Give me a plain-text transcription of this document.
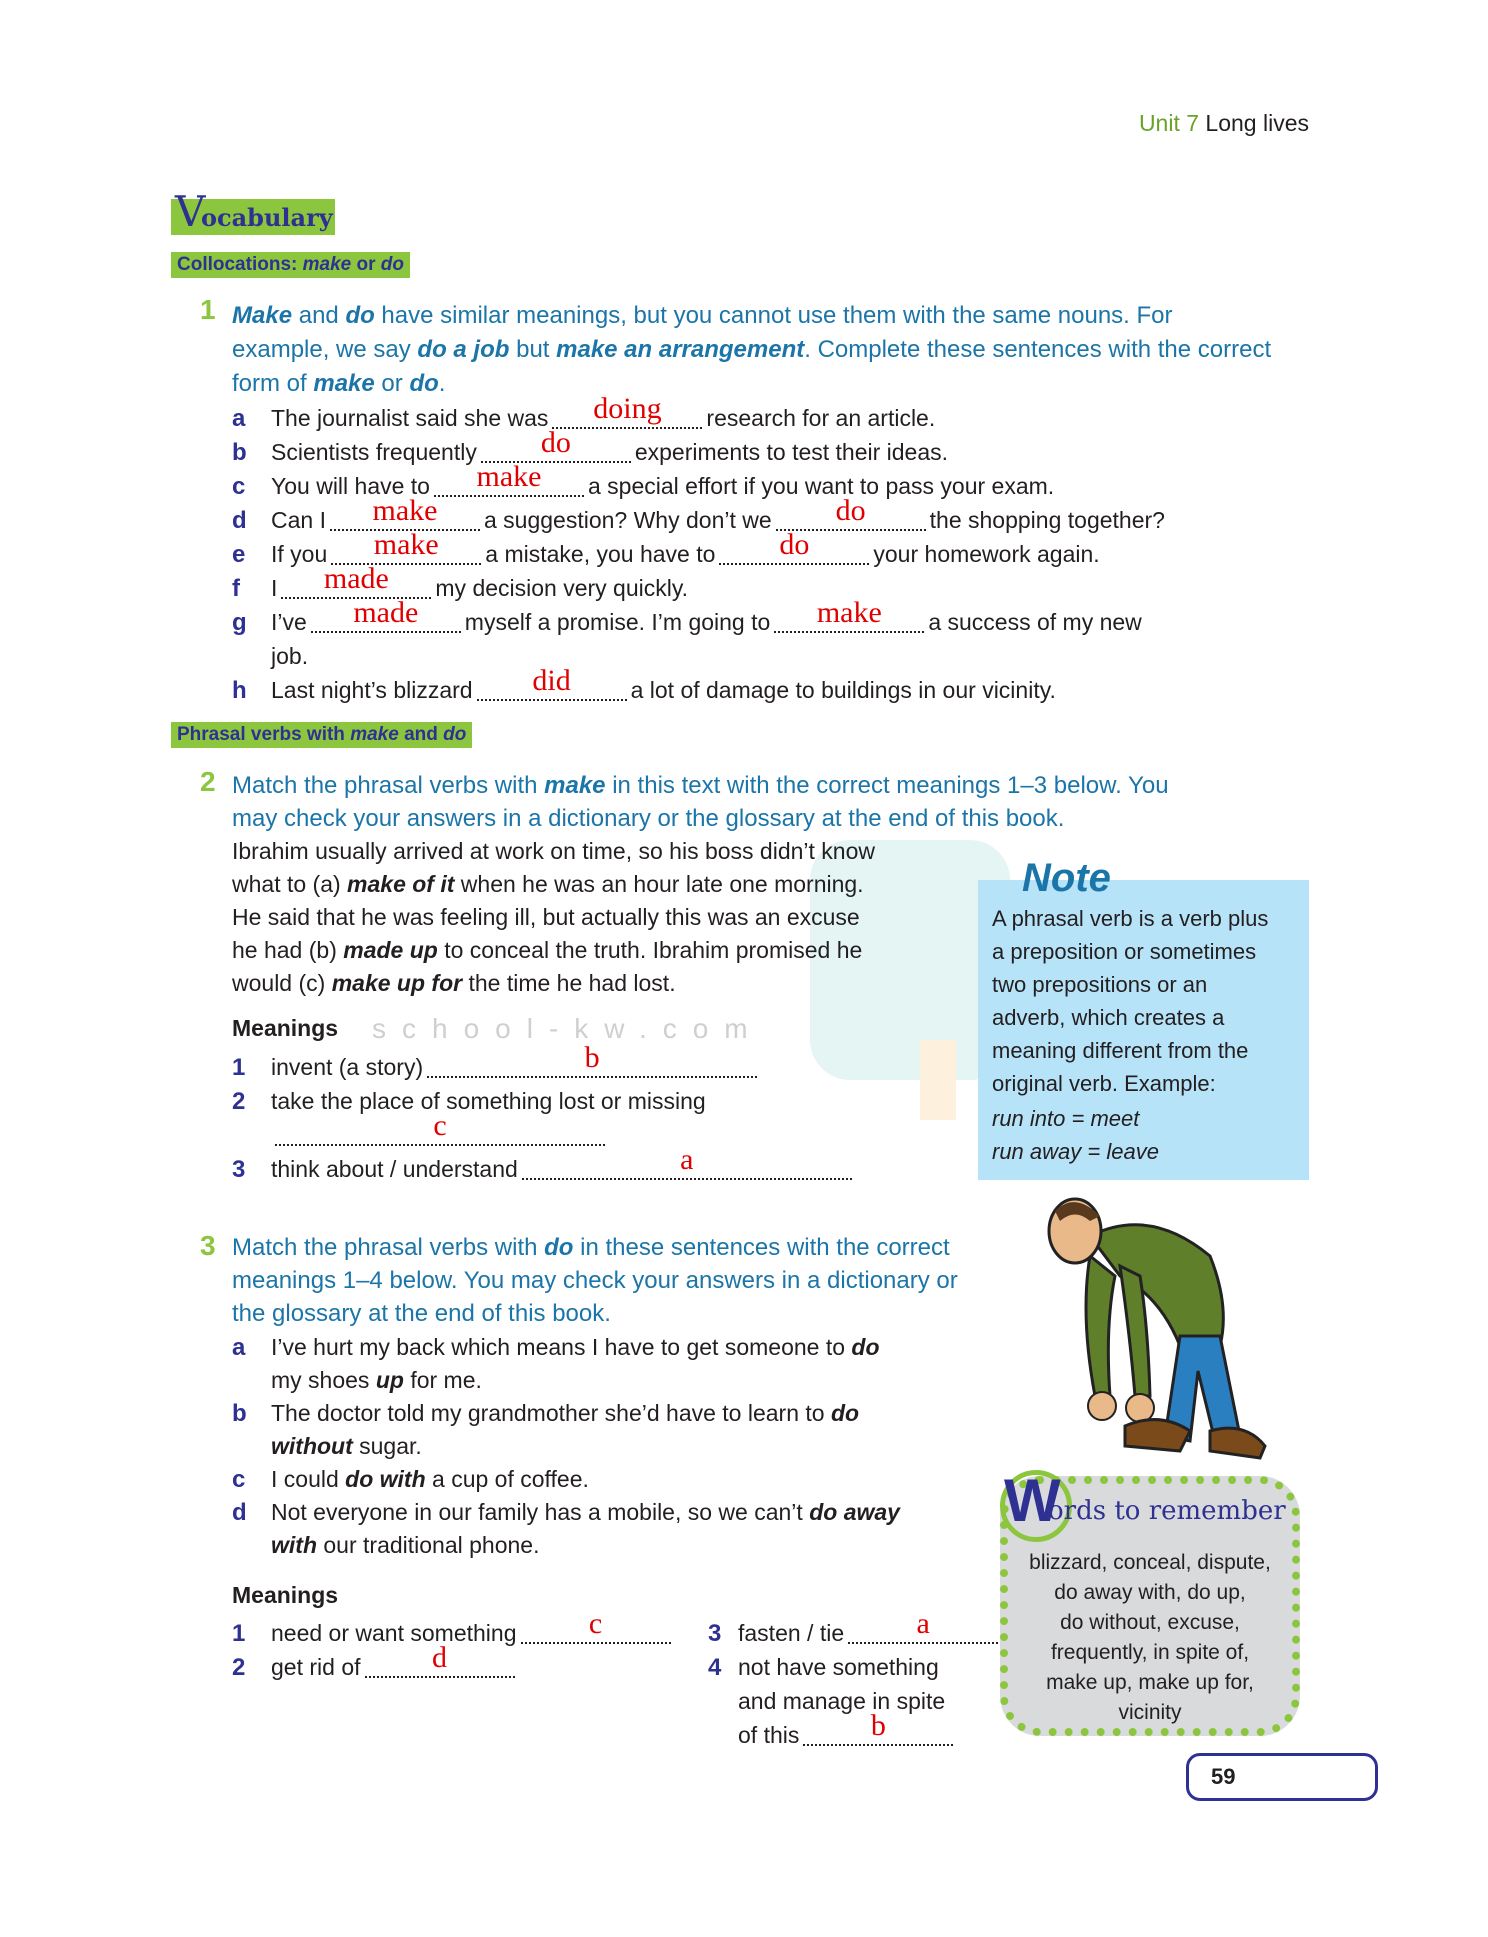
Unit 7 Long lives
school-kw.com
V
ocabulary
Collocations: make or do
Phrasal verbs with make and do
1
2
3
Make and do have similar meanings, but you cannot use them with the same nouns. For
example, we say do a job but make an arrangement. Complete these sentences with the correct
form of make or do.
a The journalist said she was doing research for an article.
b Scientists frequently do	experiments to test their ideas.
c You will have to make a special effort if you want to pass your exam.
d Can I make a suggestion? Why don’t we do	the shopping together?
e If you make a mistake, you have to do	your homework again.
f I made my decision very quickly.
g I’ve made myself a promise. I’m going to make a success of my new
job.
h Last night’s blizzard did	a lot of damage to buildings in our vicinity.
Match the phrasal verbs with make in this text with the correct meanings 1–3 below. You
may check your answers in a dictionary or the glossary at the end of this book.
Ibrahim usually arrived at work on time, so his boss didn’t know
what to (a) make of it when he was an hour late one morning.
He said that he was feeling ill, but actually this was an excuse
he had (b) made up to conceal the truth. Ibrahim promised he
would (c) make up for the time he had lost.
Meanings
1 invent (a story)	b
2 take the place of something lost or missing
c
3 think about / understand	a
Match the phrasal verbs with do in these sentences with the correct
meanings 1–4 below. You may check your answers in a dictionary or
the glossary at the end of this book.
a I’ve hurt my back which means I have to get someone to do
my shoes up for me.
b The doctor told my grandmother she’d have to learn to do
without sugar.
c I could do with a cup of coffee.
d Not everyone in our family has a mobile, so we can’t do away
with our traditional phone.
Meanings
1 need or want something c
2 get rid of d
3 fasten / tie a
4 not have something
and manage in spite
of this b
A phrasal verb is a verb plus
a preposition or sometimes
two prepositions or an
adverb, which creates a
meaning different from the
original verb. Example:
run into = meet
run away = leave
Note
W
ords to remember
blizzard, conceal, dispute,
do away with, do up,
do without, excuse,
frequently, in spite of,
make up, make up for,
vicinity
59
